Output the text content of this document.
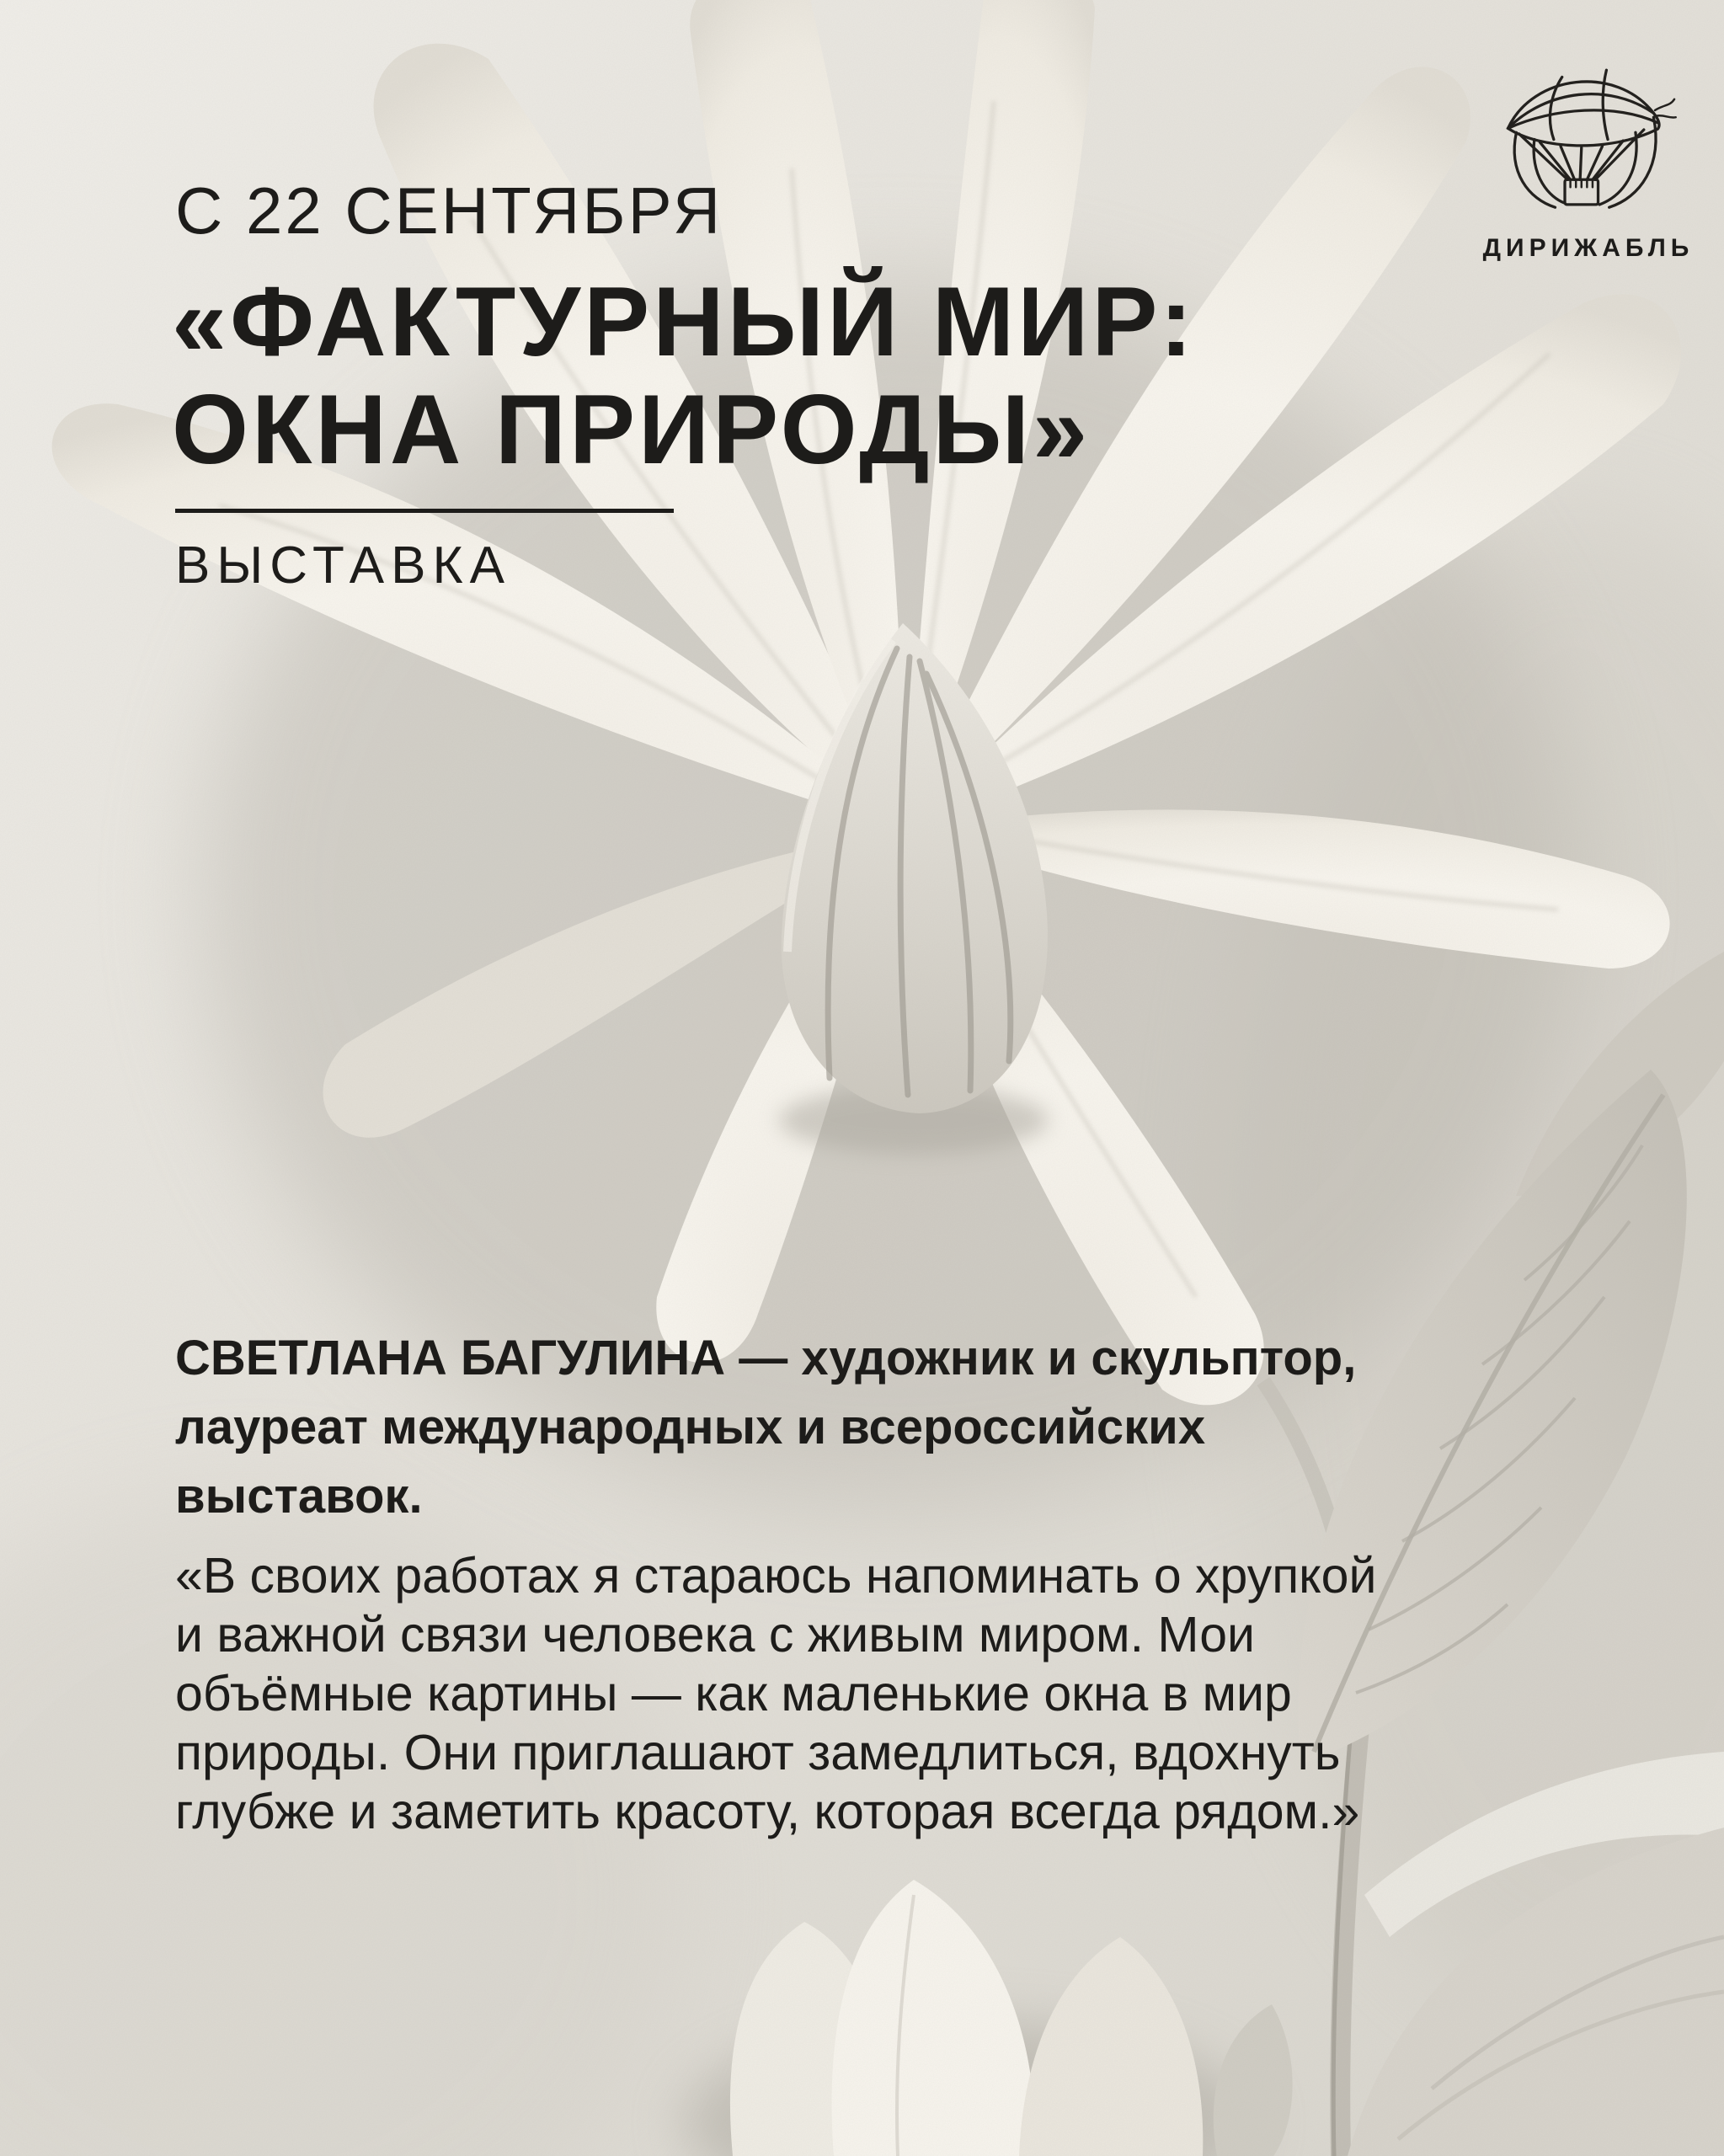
С 22 СЕНТЯБРЯ
«ФАКТУРНЫЙ МИР:
ОКНА ПРИРОДЫ»
ВЫСТАВКА
ДИРИЖАБЛЬ
СВЕТЛАНА БАГУЛИНА — художник и скульптор,
лауреат международных и всероссийских
выставок.
«В своих работах я стараюсь напоминать о хрупкой
и важной связи человека с живым миром. Мои
объёмные картины — как маленькие окна в мир
природы. Они приглашают замедлиться, вдохнуть
глубже и заметить красоту, которая всегда рядом.»
